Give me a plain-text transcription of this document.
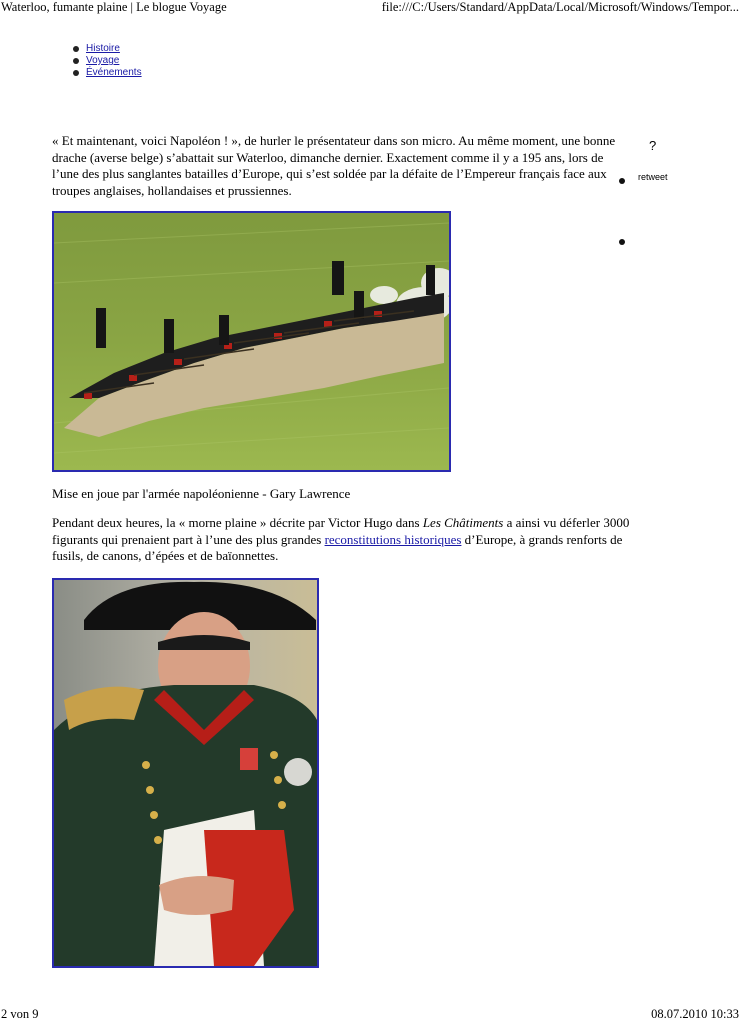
Waterloo, fumante plaine | Le blogue Voyage	file:///C:/Users/Standard/AppData/Local/Microsoft/Windows/Tempor...
Histoire
Voyage
Événements
?
retweet

« Et maintenant, voici Napoléon ! », de hurler le présentateur dans son micro. Au même moment, une bonne drache (averse belge) s’abattait sur Waterloo, dimanche dernier. Exactement comme il y a 195 ans, lors de l’une des plus sanglantes batailles d’Europe, qui s’est soldée par la défaite de l’Empereur français face aux troupes anglaises, hollandaises et prussiennes.

Mise en joue par l'armée napoléonienne - Gary Lawrence

Pendant deux heures, la « morne plaine » décrite par Victor Hugo dans Les Châtiments a ainsi vu déferler 3000 figurants qui prenaient part à l’une des plus grandes reconstitutions historiques d’Europe, à grands renforts de fusils, de canons, d’épées et de baïonnettes.

2 von 9	08.07.2010 10:33
